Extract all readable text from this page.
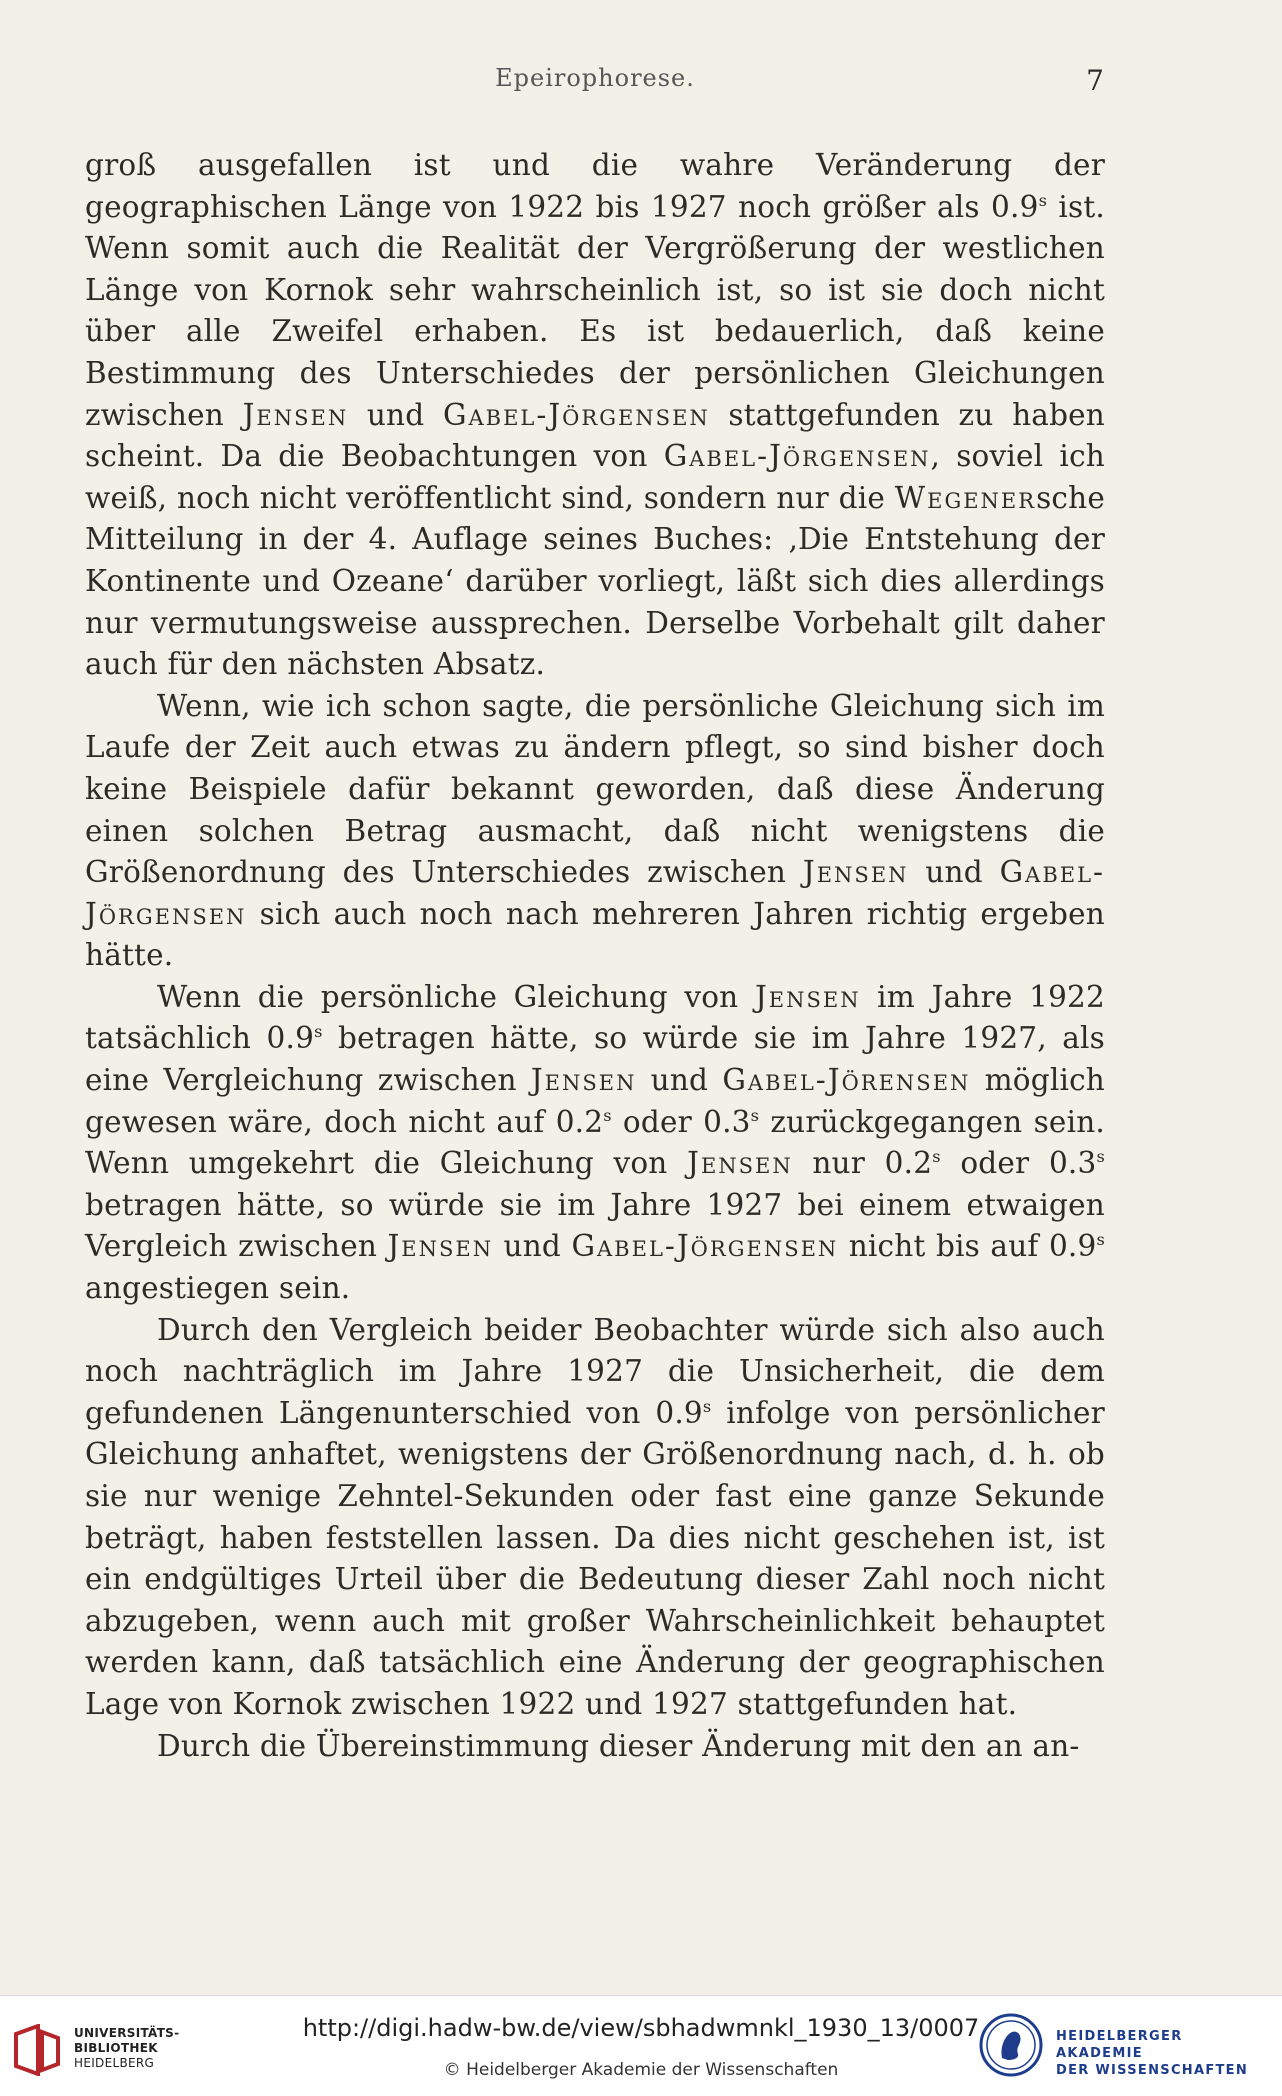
Epeirophorese.	7

groß ausgefallen ist und die wahre Veränderung der geographischen Länge von 1922 bis 1927 noch größer als 0.9$^s$ ist. Wenn somit auch die Realität der Vergrößerung der westlichen Länge von Kornok sehr wahrscheinlich ist, so ist sie doch nicht über alle Zweifel erhaben. Es ist bedauerlich, daß keine Bestimmung des Unterschiedes der persönlichen Gleichungen zwischen Jensen und Gabel-Jörgensen stattgefunden zu haben scheint. Da die Beobachtungen von Gabel-Jörgensen, soviel ich weiß, noch nicht veröffentlicht sind, sondern nur die Wegenersche Mitteilung in der 4. Auflage seines Buches: ‚Die Entstehung der Kontinente und Ozeane‘ darüber vorliegt, läßt sich dies allerdings nur vermutungsweise aussprechen. Derselbe Vorbehalt gilt daher auch für den nächsten Absatz.

Wenn, wie ich schon sagte, die persönliche Gleichung sich im Laufe der Zeit auch etwas zu ändern pflegt, so sind bisher doch keine Beispiele dafür bekannt geworden, daß diese Änderung einen solchen Betrag ausmacht, daß nicht wenigstens die Größenordnung des Unterschiedes zwischen Jensen und Gabel-Jörgensen sich auch noch nach mehreren Jahren richtig ergeben hätte.

Wenn die persönliche Gleichung von Jensen im Jahre 1922 tatsächlich 0.9$^s$ betragen hätte, so würde sie im Jahre 1927, als eine Vergleichung zwischen Jensen und Gabel-Jörensen möglich gewesen wäre, doch nicht auf 0.2$^s$ oder 0.3$^s$ zurückgegangen sein. Wenn umgekehrt die Gleichung von Jensen nur 0.2$^s$ oder 0.3$^s$ betragen hätte, so würde sie im Jahre 1927 bei einem etwaigen Vergleich zwischen Jensen und Gabel-Jörgensen nicht bis auf 0.9$^s$ angestiegen sein.

Durch den Vergleich beider Beobachter würde sich also auch noch nachträglich im Jahre 1927 die Unsicherheit, die dem gefundenen Längenunterschied von 0.9$^s$ infolge von persönlicher Gleichung anhaftet, wenigstens der Größenordnung nach, d. h. ob sie nur wenige Zehntel-Sekunden oder fast eine ganze Sekunde beträgt, haben feststellen lassen. Da dies nicht geschehen ist, ist ein endgültiges Urteil über die Bedeutung dieser Zahl noch nicht abzugeben, wenn auch mit großer Wahrscheinlichkeit behauptet werden kann, daß tatsächlich eine Änderung der geographischen Lage von Kornok zwischen 1922 und 1927 stattgefunden hat.

Durch die Übereinstimmung dieser Änderung mit den an an-

UNIVERSITÄTS-
BIBLIOTHEK
HEIDELBERG
http://digi.hadw-bw.de/view/sbhadwmnkl_1930_13/0007
© Heidelberger Akademie der Wissenschaften
HEIDELBERGER AKADEMIE
DER WISSENSCHAFTEN
